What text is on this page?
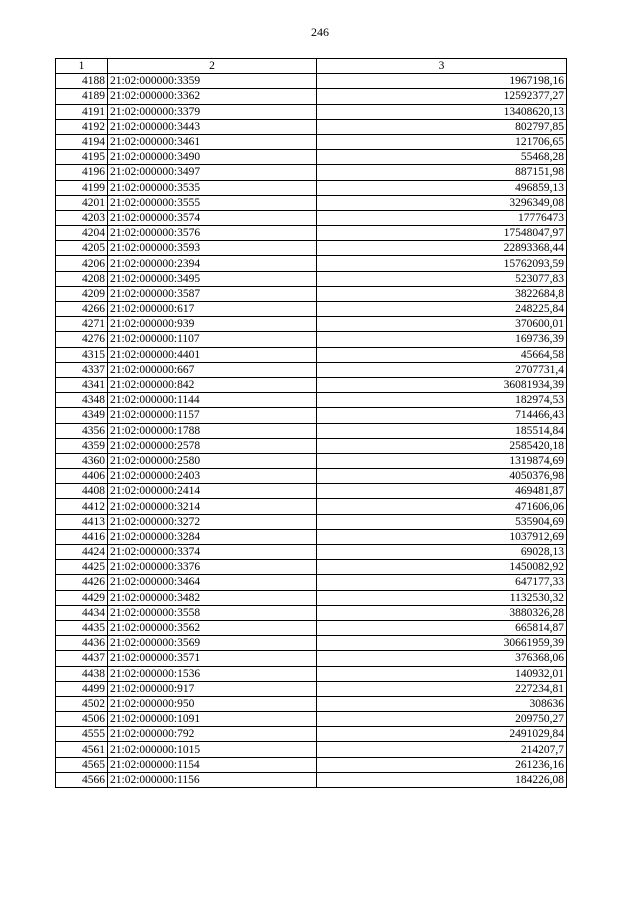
246
1	2	3
4188	21:02:000000:3359	1967198,16
4189	21:02:000000:3362	12592377,27
4191	21:02:000000:3379	13408620,13
4192	21:02:000000:3443	802797,85
4194	21:02:000000:3461	121706,65
4195	21:02:000000:3490	55468,28
4196	21:02:000000:3497	887151,98
4199	21:02:000000:3535	496859,13
4201	21:02:000000:3555	3296349,08
4203	21:02:000000:3574	17776473
4204	21:02:000000:3576	17548047,97
4205	21:02:000000:3593	22893368,44
4206	21:02:000000:2394	15762093,59
4208	21:02:000000:3495	523077,83
4209	21:02:000000:3587	3822684,8
4266	21:02:000000:617	248225,84
4271	21:02:000000:939	370600,01
4276	21:02:000000:1107	169736,39
4315	21:02:000000:4401	45664,58
4337	21:02:000000:667	2707731,4
4341	21:02:000000:842	36081934,39
4348	21:02:000000:1144	182974,53
4349	21:02:000000:1157	714466,43
4356	21:02:000000:1788	185514,84
4359	21:02:000000:2578	2585420,18
4360	21:02:000000:2580	1319874,69
4406	21:02:000000:2403	4050376,98
4408	21:02:000000:2414	469481,87
4412	21:02:000000:3214	471606,06
4413	21:02:000000:3272	535904,69
4416	21:02:000000:3284	1037912,69
4424	21:02:000000:3374	69028,13
4425	21:02:000000:3376	1450082,92
4426	21:02:000000:3464	647177,33
4429	21:02:000000:3482	1132530,32
4434	21:02:000000:3558	3880326,28
4435	21:02:000000:3562	665814,87
4436	21:02:000000:3569	30661959,39
4437	21:02:000000:3571	376368,06
4438	21:02:000000:1536	140932,01
4499	21:02:000000:917	227234,81
4502	21:02:000000:950	308636
4506	21:02:000000:1091	209750,27
4555	21:02:000000:792	2491029,84
4561	21:02:000000:1015	214207,7
4565	21:02:000000:1154	261236,16
4566	21:02:000000:1156	184226,08
